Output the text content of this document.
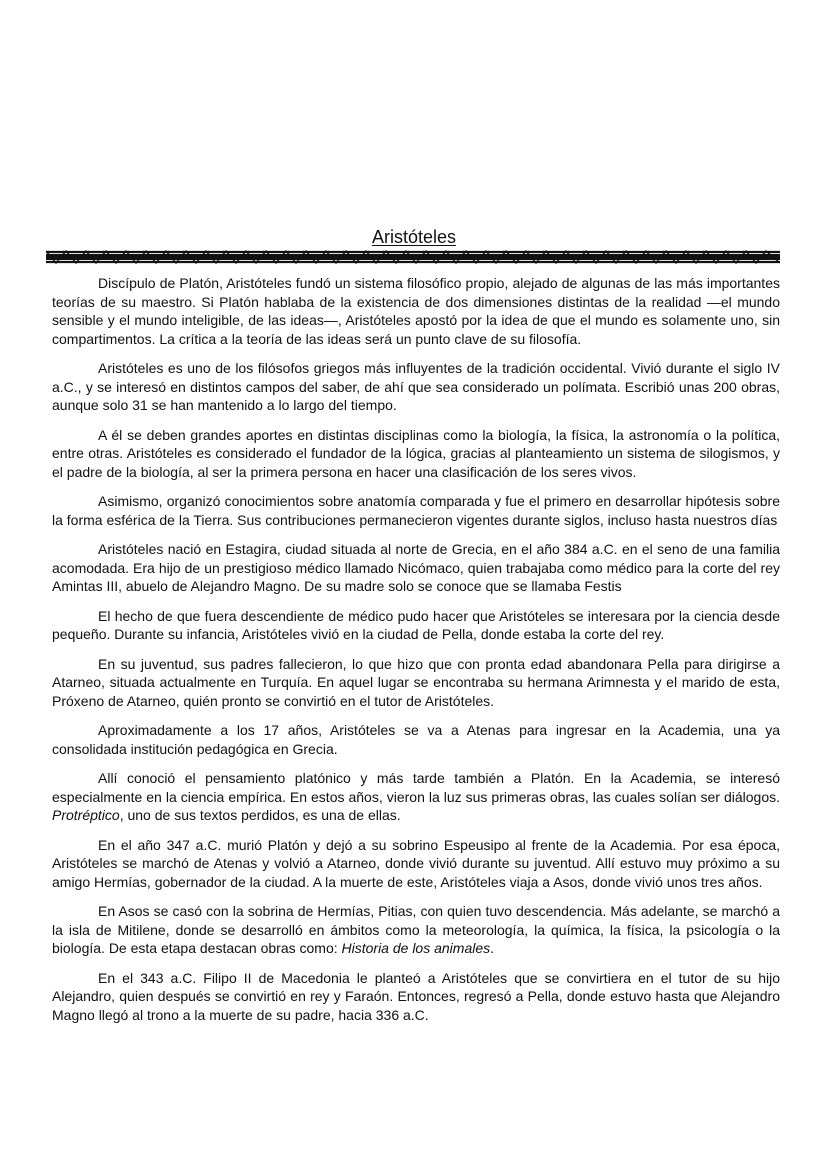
Aristóteles

Discípulo de Platón, Aristóteles fundó un sistema filosófico propio, alejado de algunas de las más importantes teorías de su maestro. Si Platón hablaba de la existencia de dos dimensiones distintas de la realidad —el mundo sensible y el mundo inteligible, de las ideas—, Aristóteles apostó por la idea de que el mundo es solamente uno, sin compartimentos. La crítica a la teoría de las ideas será un punto clave de su filosofía.

Aristóteles es uno de los filósofos griegos más influyentes de la tradición occidental. Vivió durante el siglo IV a.C., y se interesó en distintos campos del saber, de ahí que sea considerado un polímata. Escribió unas 200 obras, aunque solo 31 se han mantenido a lo largo del tiempo.

A él se deben grandes aportes en distintas disciplinas como la biología, la física, la astronomía o la política, entre otras. Aristóteles es considerado el fundador de la lógica, gracias al planteamiento un sistema de silogismos, y el padre de la biología, al ser la primera persona en hacer una clasificación de los seres vivos.

Asimismo, organizó conocimientos sobre anatomía comparada y fue el primero en desarrollar hipótesis sobre la forma esférica de la Tierra. Sus contribuciones permanecieron vigentes durante siglos, incluso hasta nuestros días

Aristóteles nació en Estagira, ciudad situada al norte de Grecia, en el año 384 a.C. en el seno de una familia acomodada. Era hijo de un prestigioso médico llamado Nicómaco, quien trabajaba como médico para la corte del rey Amintas III, abuelo de Alejandro Magno. De su madre solo se conoce que se llamaba Festis

El hecho de que fuera descendiente de médico pudo hacer que Aristóteles se interesara por la ciencia desde pequeño. Durante su infancia, Aristóteles vivió en la ciudad de Pella, donde estaba la corte del rey.

En su juventud, sus padres fallecieron, lo que hizo que con pronta edad abandonara Pella para dirigirse a Atarneo, situada actualmente en Turquía. En aquel lugar se encontraba su hermana Arimnesta y el marido de esta, Próxeno de Atarneo, quién pronto se convirtió en el tutor de Aristóteles.

Aproximadamente a los 17 años, Aristóteles se va a Atenas para ingresar en la Academia, una ya consolidada institución pedagógica en Grecia.

Allí conoció el pensamiento platónico y más tarde también a Platón. En la Academia, se interesó especialmente en la ciencia empírica. En estos años, vieron la luz sus primeras obras, las cuales solían ser diálogos. Protréptico, uno de sus textos perdidos, es una de ellas.

En el año 347 a.C. murió Platón y dejó a su sobrino Espeusipo al frente de la Academia. Por esa época, Aristóteles se marchó de Atenas y volvió a Atarneo, donde vivió durante su juventud. Allí estuvo muy próximo a su amigo Hermías, gobernador de la ciudad. A la muerte de este, Aristóteles viaja a Asos, donde vivió unos tres años.

En Asos se casó con la sobrina de Hermías, Pitias, con quien tuvo descendencia. Más adelante, se marchó a la isla de Mitilene, donde se desarrolló en ámbitos como la meteorología, la química, la física, la psicología o la biología. De esta etapa destacan obras como: Historia de los animales.

En el 343 a.C. Filipo II de Macedonia le planteó a Aristóteles que se convirtiera en el tutor de su hijo Alejandro, quien después se convirtió en rey y Faraón. Entonces, regresó a Pella, donde estuvo hasta que Alejandro Magno llegó al trono a la muerte de su padre, hacia 336 a.C.
